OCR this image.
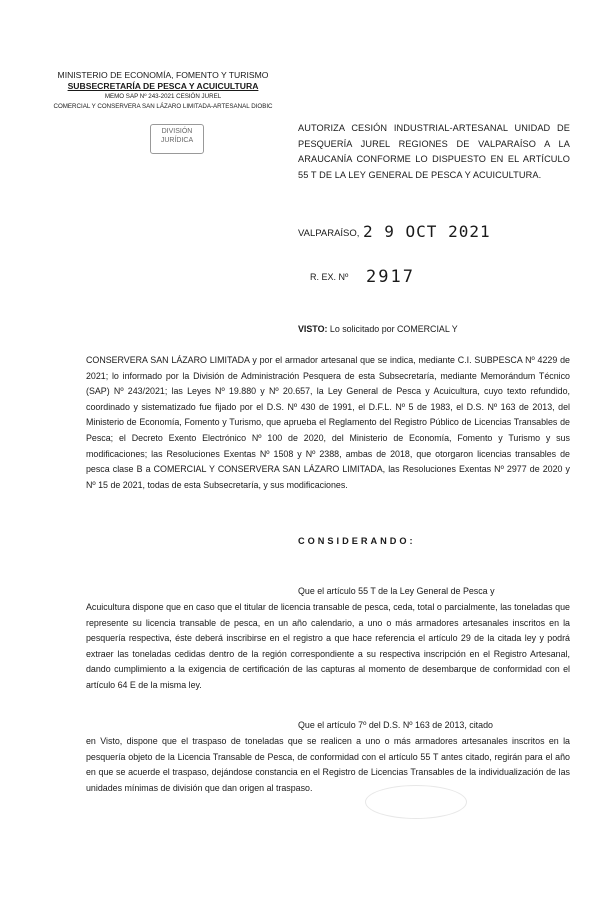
MINISTERIO DE ECONOMÍA, FOMENTO Y TURISMO
SUBSECRETARÍA DE PESCA Y ACUICULTURA
MEMO SAP Nº 243-2021 CESIÓN JUREL
COMERCIAL Y CONSERVERA SAN LÁZARO LIMITADA-ARTESANAL DIOBIC
DIVISIÓN
JURÍDICA
AUTORIZA CESIÓN INDUSTRIAL-ARTESANAL UNIDAD DE PESQUERÍA JUREL REGIONES DE VALPARAÍSO A LA ARAUCANÍA CONFORME LO DISPUESTO EN EL ARTÍCULO 55 T DE LA LEY GENERAL DE PESCA Y ACUICULTURA.
VALPARAÍSO, 2 9 OCT 2021
R. EX. Nº 2917
VISTO: Lo solicitado por COMERCIAL Y
CONSERVERA SAN LÁZARO LIMITADA y por el armador artesanal que se indica, mediante C.I. SUBPESCA Nº 4229 de 2021; lo informado por la División de Administración Pesquera de esta Subsecretaría, mediante Memorándum Técnico (SAP) Nº 243/2021; las Leyes Nº 19.880 y Nº 20.657, la Ley General de Pesca y Acuicultura, cuyo texto refundido, coordinado y sistematizado fue fijado por el D.S. Nº 430 de 1991, el D.F.L. Nº 5 de 1983, el D.S. Nº 163 de 2013, del Ministerio de Economía, Fomento y Turismo, que aprueba el Reglamento del Registro Público de Licencias Transables de Pesca; el Decreto Exento Electrónico Nº 100 de 2020, del Ministerio de Economía, Fomento y Turismo y sus modificaciones; las Resoluciones Exentas Nº 1508 y Nº 2388, ambas de 2018, que otorgaron licencias transables de pesca clase B a COMERCIAL Y CONSERVERA SAN LÁZARO LIMITADA, las Resoluciones Exentas Nº 2977 de 2020 y Nº 15 de 2021, todas de esta Subsecretaría, y sus modificaciones.
CONSIDERANDO:
Que el artículo 55 T de la Ley General de Pesca y
Acuicultura dispone que en caso que el titular de licencia transable de pesca, ceda, total o parcialmente, las toneladas que represente su licencia transable de pesca, en un año calendario, a uno o más armadores artesanales inscritos en la pesquería respectiva, éste deberá inscribirse en el registro a que hace referencia el artículo 29 de la citada ley y podrá extraer las toneladas cedidas dentro de la región correspondiente a su respectiva inscripción en el Registro Artesanal, dando cumplimiento a la exigencia de certificación de las capturas al momento de desembarque de conformidad con el artículo 64 E de la misma ley.
Que el artículo 7º del D.S. Nº 163 de 2013, citado
en Visto, dispone que el traspaso de toneladas que se realicen a uno o más armadores artesanales inscritos en la pesquería objeto de la Licencia Transable de Pesca, de conformidad con el artículo 55 T antes citado, regirán para el año en que se acuerde el traspaso, dejándose constancia en el Registro de Licencias Transables de la individualización de las unidades mínimas de división que dan origen al traspaso.
